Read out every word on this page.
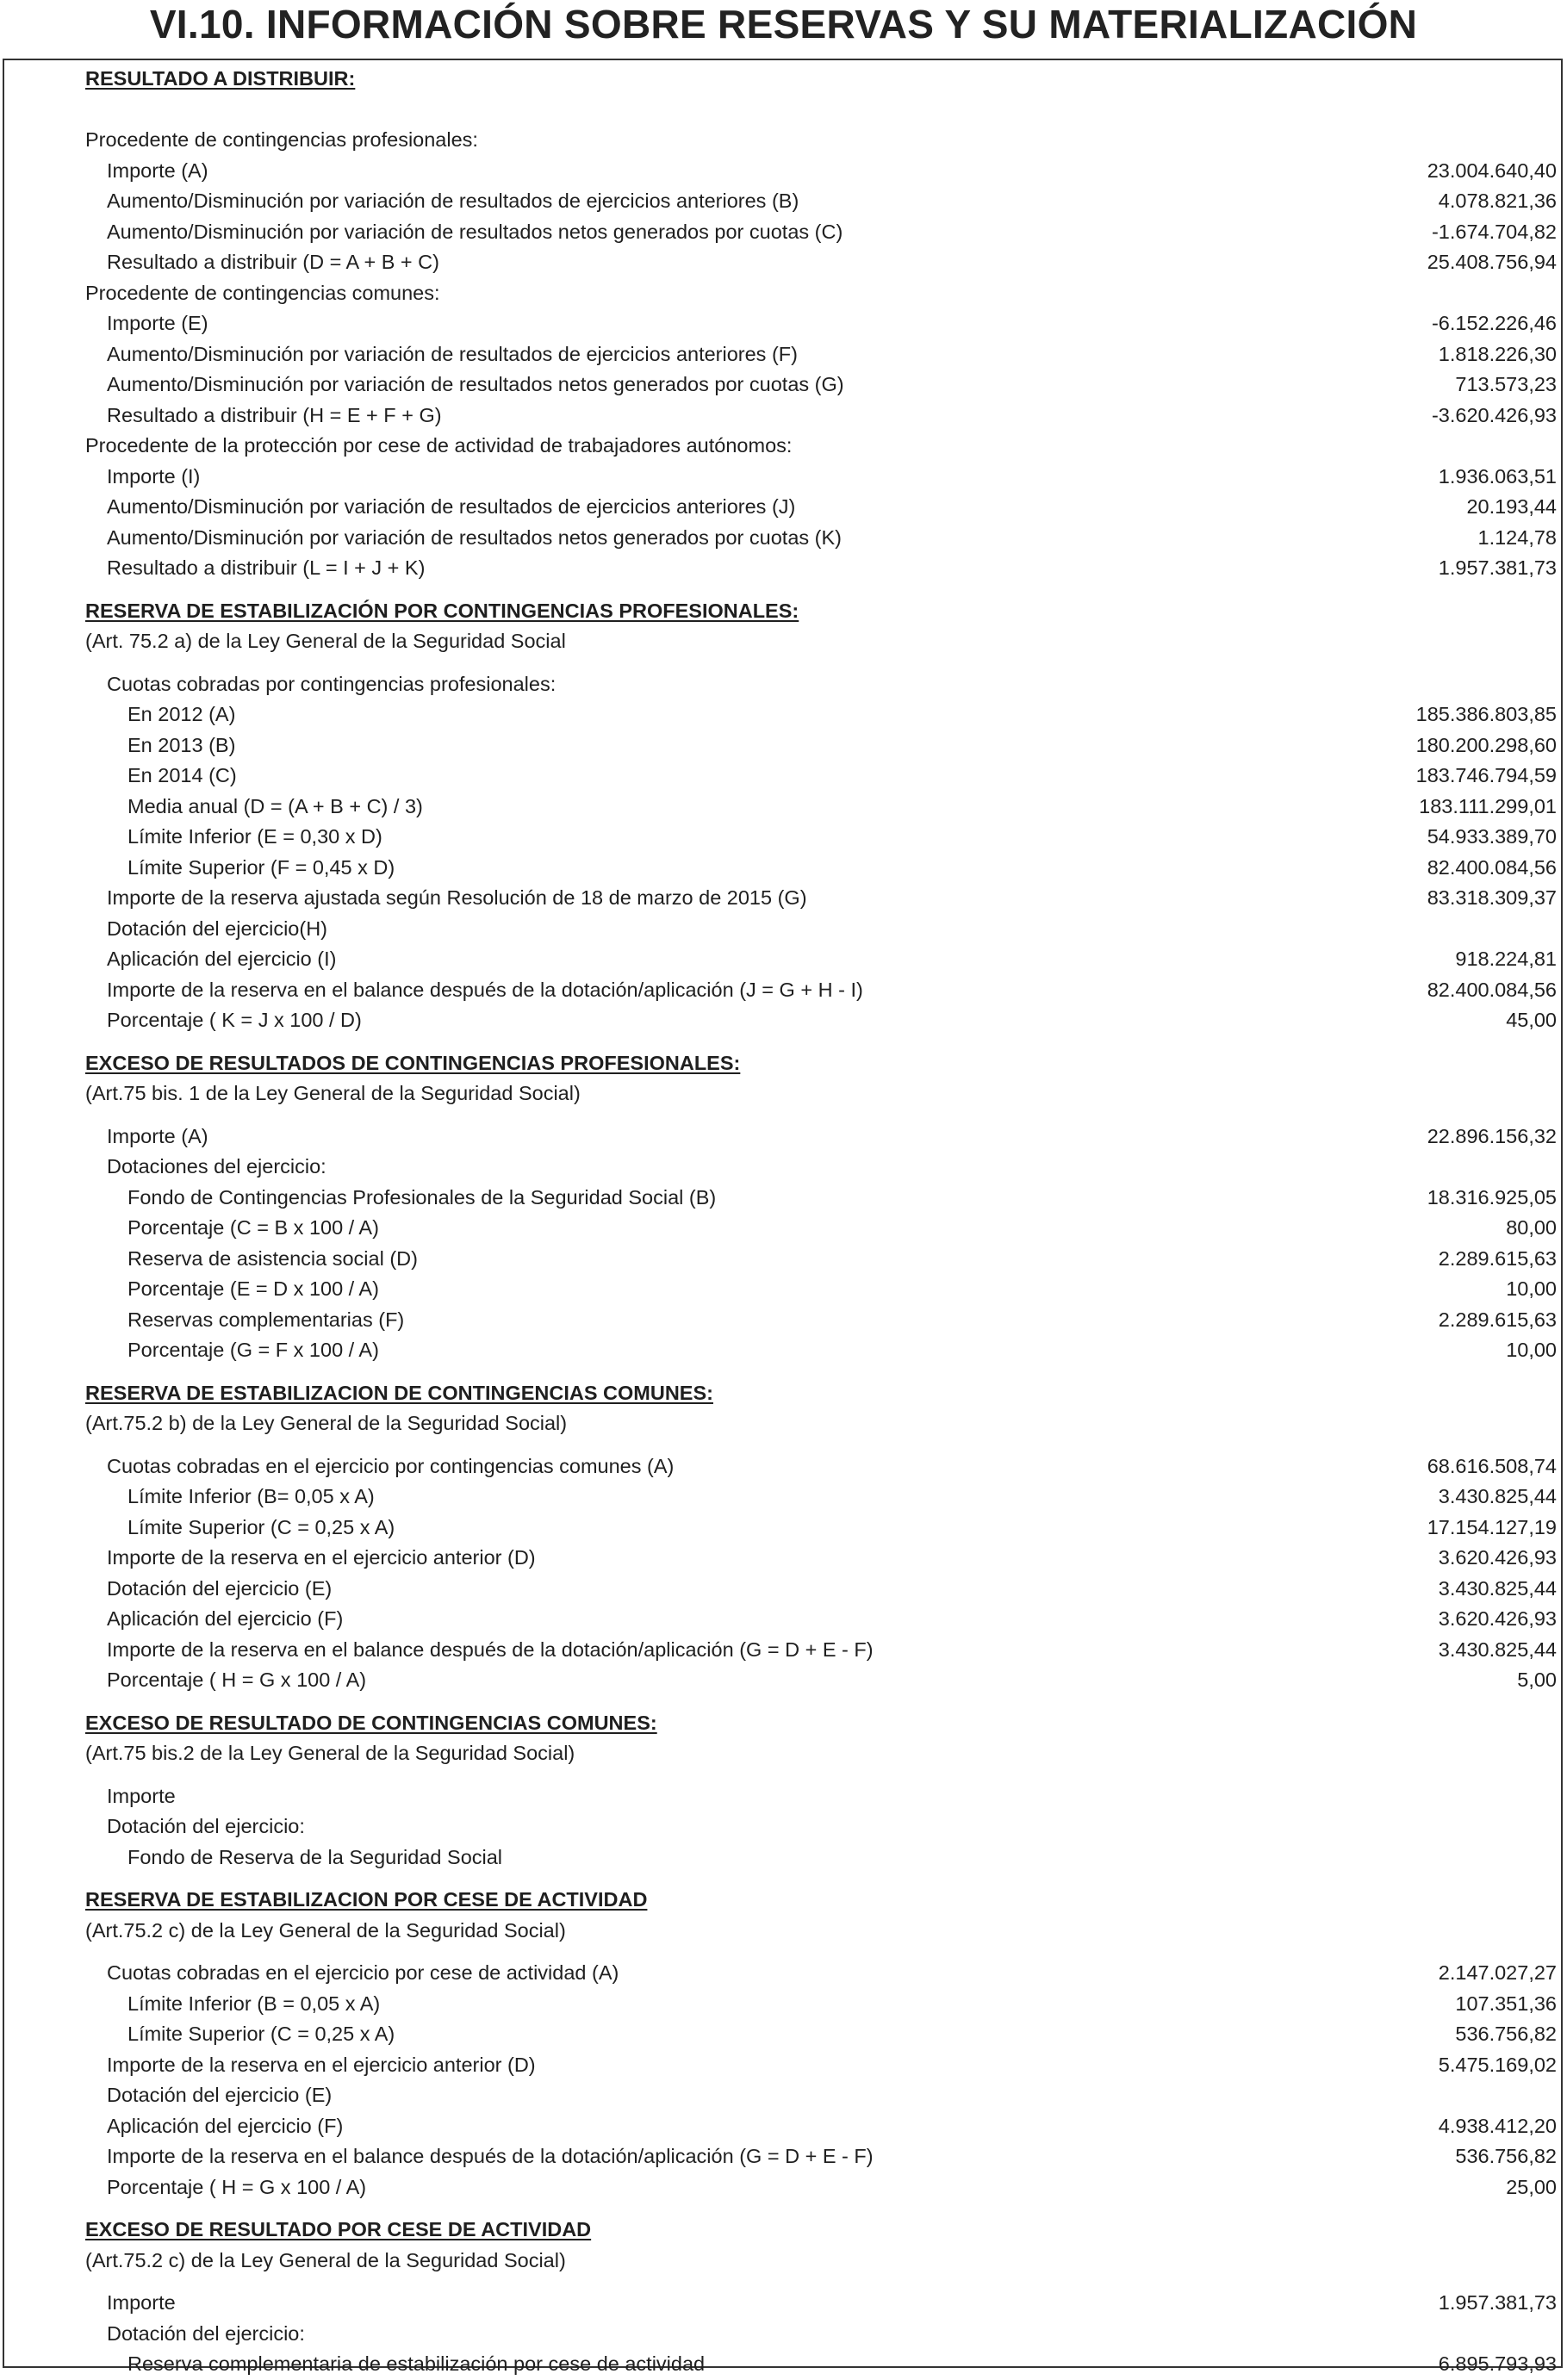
VI.10. INFORMACIÓN SOBRE RESERVAS Y SU MATERIALIZACIÓN
RESULTADO A DISTRIBUIR:
Procedente de contingencias profesionales:
Importe (A)	23.004.640,40
Aumento/Disminución por variación de resultados de ejercicios anteriores (B)	4.078.821,36
Aumento/Disminución por variación de resultados netos generados por cuotas (C)	-1.674.704,82
Resultado a distribuir (D = A + B + C)	25.408.756,94
Procedente de contingencias comunes:
Importe (E)	-6.152.226,46
Aumento/Disminución por variación de resultados de ejercicios anteriores (F)	1.818.226,30
Aumento/Disminución por variación de resultados netos generados por cuotas (G)	713.573,23
Resultado a distribuir (H = E + F + G)	-3.620.426,93
Procedente de la protección por cese de actividad de trabajadores autónomos:
Importe (I)	1.936.063,51
Aumento/Disminución por variación de resultados de ejercicios anteriores (J)	20.193,44
Aumento/Disminución por variación de resultados netos generados por cuotas (K)	1.124,78
Resultado a distribuir (L = I + J + K)	1.957.381,73
RESERVA DE ESTABILIZACIÓN POR CONTINGENCIAS PROFESIONALES:
(Art. 75.2 a) de la Ley General de la Seguridad Social
Cuotas cobradas por contingencias profesionales:
En 2012 (A)	185.386.803,85
En 2013 (B)	180.200.298,60
En 2014 (C)	183.746.794,59
Media anual (D = (A + B + C) / 3)	183.111.299,01
Límite Inferior (E = 0,30 x D)	54.933.389,70
Límite Superior (F = 0,45 x D)	82.400.084,56
Importe de la reserva ajustada según Resolución de 18 de marzo de 2015 (G)	83.318.309,37
Dotación del ejercicio(H)
Aplicación del ejercicio (I)	918.224,81
Importe de la reserva en el balance después de la dotación/aplicación (J = G + H - I)	82.400.084,56
Porcentaje ( K = J x 100 / D)	45,00
EXCESO DE RESULTADOS DE CONTINGENCIAS PROFESIONALES:
(Art.75 bis. 1 de la Ley General de la Seguridad Social)
Importe (A)	22.896.156,32
Dotaciones del ejercicio:
Fondo de Contingencias Profesionales de la Seguridad Social (B)	18.316.925,05
Porcentaje (C = B x 100 / A)	80,00
Reserva de asistencia social (D)	2.289.615,63
Porcentaje (E = D x 100 / A)	10,00
Reservas complementarias (F)	2.289.615,63
Porcentaje (G = F x 100 / A)	10,00
RESERVA DE ESTABILIZACION DE CONTINGENCIAS COMUNES:
(Art.75.2 b) de la Ley General de la Seguridad Social)
Cuotas cobradas en el ejercicio por contingencias comunes (A)	68.616.508,74
Límite Inferior (B= 0,05 x A)	3.430.825,44
Límite Superior (C = 0,25 x A)	17.154.127,19
Importe de la reserva en el ejercicio anterior (D)	3.620.426,93
Dotación del ejercicio (E)	3.430.825,44
Aplicación del ejercicio (F)	3.620.426,93
Importe de la reserva en el balance después de la dotación/aplicación (G = D + E - F)	3.430.825,44
Porcentaje ( H = G x 100 / A)	5,00
EXCESO DE RESULTADO DE CONTINGENCIAS COMUNES:
(Art.75 bis.2 de la Ley General de la Seguridad Social)
Importe
Dotación del ejercicio:
Fondo de Reserva de la Seguridad Social
RESERVA DE ESTABILIZACION POR CESE DE ACTIVIDAD
(Art.75.2 c) de la Ley General de la Seguridad Social)
Cuotas cobradas en el ejercicio por cese de actividad (A)	2.147.027,27
Límite Inferior (B = 0,05 x A)	107.351,36
Límite Superior (C = 0,25 x A)	536.756,82
Importe de la reserva en el ejercicio anterior (D)	5.475.169,02
Dotación del ejercicio (E)
Aplicación del ejercicio (F)	4.938.412,20
Importe de la reserva en el balance después de la dotación/aplicación (G = D + E - F)	536.756,82
Porcentaje ( H = G x 100 / A)	25,00
EXCESO DE RESULTADO POR CESE DE ACTIVIDAD
(Art.75.2 c) de la Ley General de la Seguridad Social)
Importe	1.957.381,73
Dotación del ejercicio:
Reserva complementaria de estabilización por cese de actividad	6.895.793,93
